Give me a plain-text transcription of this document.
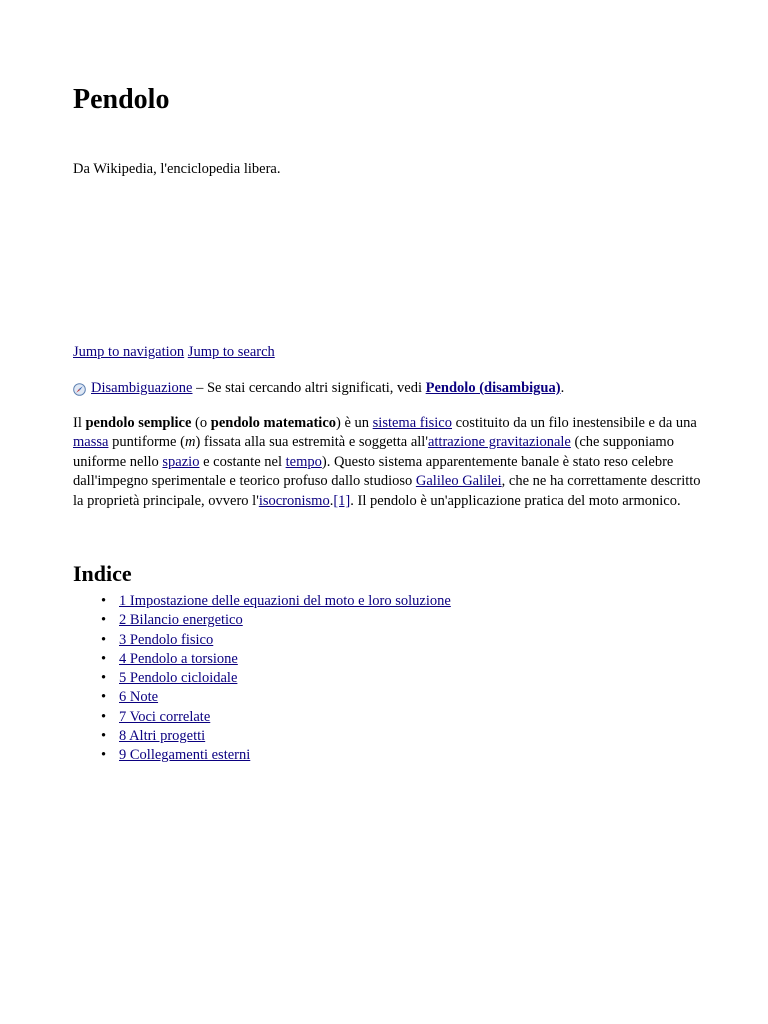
Pendolo

Da Wikipedia, l'enciclopedia libera.

Jump to navigation Jump to search

Disambiguazione – Se stai cercando altri significati, vedi Pendolo (disambigua).

Il pendolo semplice (o pendolo matematico) è un sistema fisico costituito da un filo inestensibile e da una massa puntiforme (m) fissata alla sua estremità e soggetta all'attrazione gravitazionale (che supponiamo uniforme nello spazio e costante nel tempo). Questo sistema apparentemente banale è stato reso celebre dall'impegno sperimentale e teorico profuso dallo studioso Galileo Galilei, che ne ha correttamente descritto la proprietà principale, ovvero l'isocronismo.[1]. Il pendolo è un'applicazione pratica del moto armonico.

Indice
• 1 Impostazione delle equazioni del moto e loro soluzione
• 2 Bilancio energetico
• 3 Pendolo fisico
• 4 Pendolo a torsione
• 5 Pendolo cicloidale
• 6 Note
• 7 Voci correlate
• 8 Altri progetti
• 9 Collegamenti esterni
